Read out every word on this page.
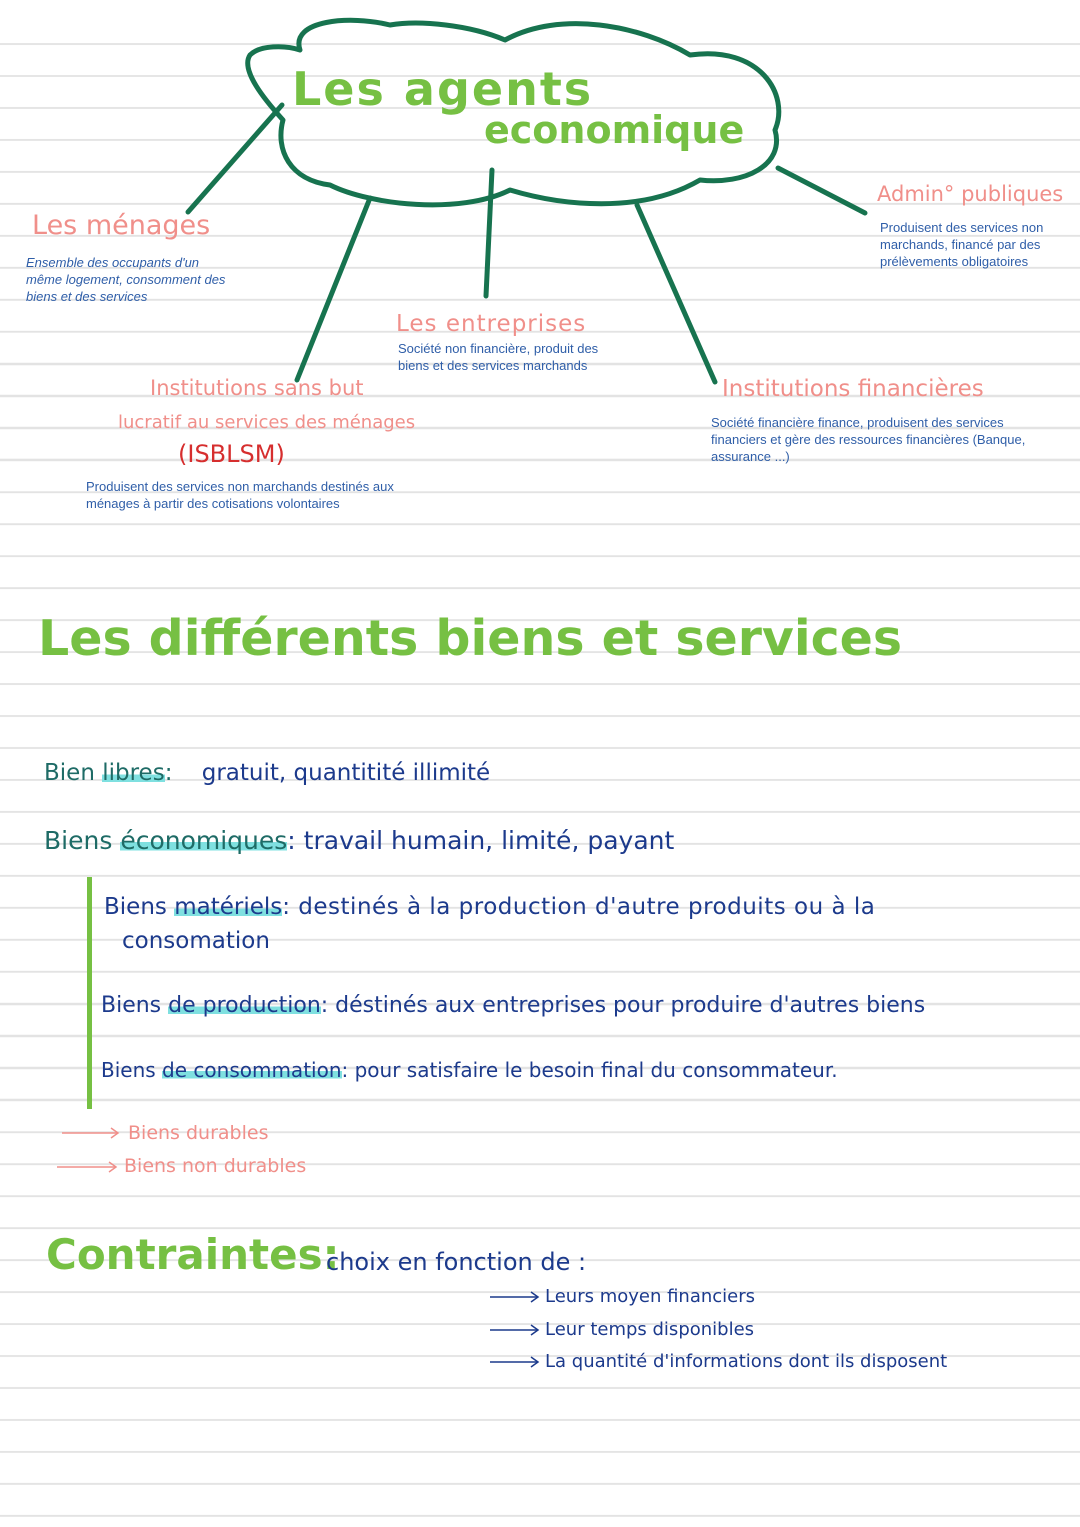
Les agents
economique
Les ménages
Ensemble des occupants d'un même logement, consomment des biens et des services
Admin° publiques
Produisent des services non marchands, financé par des prélèvements obligatoires
Les entreprises
Société non financière, produit des biens et des services marchands
Institutions sans but
lucratif au services des ménages
(ISBLSM)
Produisent des services non marchands destinés aux ménages à partir des cotisations volontaires
Institutions financières
Société financière finance, produisent des services financiers et gère des ressources financières (Banque, assurance ...)
Les différents biens et services
Bien libres: gratuit, quantitité illimité
Biens économiques: travail humain, limité, payant
Biens matériels: destinés à la production d'autre produits ou à la
consomation
Biens de production: déstinés aux entreprises pour produire d'autres biens
Biens de consommation: pour satisfaire le besoin final du consommateur.
Biens durables
Biens non durables
Contraintes:
choix en fonction de :
Leurs moyen financiers
Leur temps disponibles
La quantité d'informations dont ils disposent
